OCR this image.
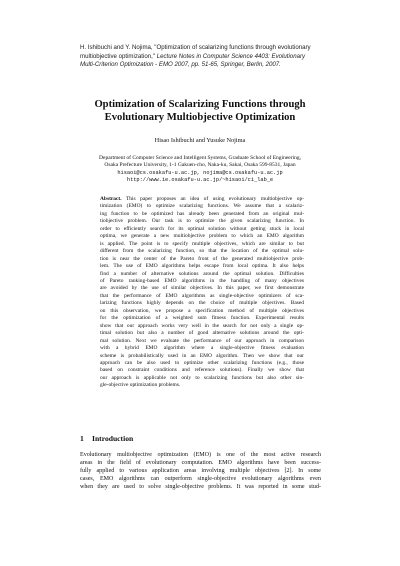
H. Ishibuchi and Y. Nojima, "Optimization of scalarizing functions through evolutionary
multiobjective optimization," Lecture Notes in Computer Science 4403: Evolutionary
Multi-Criterion Optimization - EMO 2007, pp. 51-65, Springer, Berlin, 2007.
Optimization of Scalarizing Functions through
Evolutionary Multiobjective Optimization
Hisao Ishibuchi and Yusuke Nojima
Department of Computer Science and Intelligent Systems, Graduate School of Engineering,
Osaka Prefecture University, 1-1 Gakuen-cho, Naka-ku, Sakai, Osaka 599-8531, Japan
hisaoi@cs.osakafu-u.ac.jp, nojima@cs.osakafu-u.ac.jp
http://www.ie.osakafu-u.ac.jp/~hisaoi/ci_lab_e
Abstract. This paper proposes an idea of using evolutionary multiobjective op-
timization (EMO) to optimize scalarizing functions. We assume that a scalariz-
ing function to be optimized has already been generated from an original mul-
tiobjective problem. Our task is to optimize the given scalarizing function. In
order to efficiently search for its optimal solution without getting stuck in local
optima, we generate a new multiobjective problem to which an EMO algorithm
is applied. The point is to specify multiple objectives, which are similar to but
different from the scalarizing function, so that the location of the optimal solu-
tion is near the center of the Pareto front of the generated multiobjective prob-
lem. The use of EMO algorithms helps escape from local optima. It also helps
find a number of alternative solutions around the optimal solution. Difficulties
of Pareto ranking-based EMO algorithms in the handling of many objectives
are avoided by the use of similar objectives. In this paper, we first demonstrate
that the performance of EMO algorithms as single-objective optimizers of sca-
larizing functions highly depends on the choice of multiple objectives. Based
on this observation, we propose a specification method of multiple objectives
for the optimization of a weighted sum fitness function. Experimental results
show that our approach works very well in the search for not only a single op-
timal solution but also a number of good alternative solutions around the opti-
mal solution. Next we evaluate the performance of our approach in comparison
with a hybrid EMO algorithm where a single-objective fitness evaluation
scheme is probabilistically used in an EMO algorithm. Then we show that our
approach can be also used to optimize other scalarizing functions (e.g., those
based on constraint conditions and reference solutions). Finally we show that
our approach is applicable not only to scalarizing functions but also other sin-
gle-objective optimization problems.
1 Introduction
Evolutionary multiobjective optimization (EMO) is one of the most active research
areas in the field of evolutionary computation. EMO algorithms have been success-
fully applied to various application areas involving multiple objectives [2]. In some
cases, EMO algorithms can outperform single-objective evolutionary algorithms even
when they are used to solve single-objective problems. It was reported in some stud-
